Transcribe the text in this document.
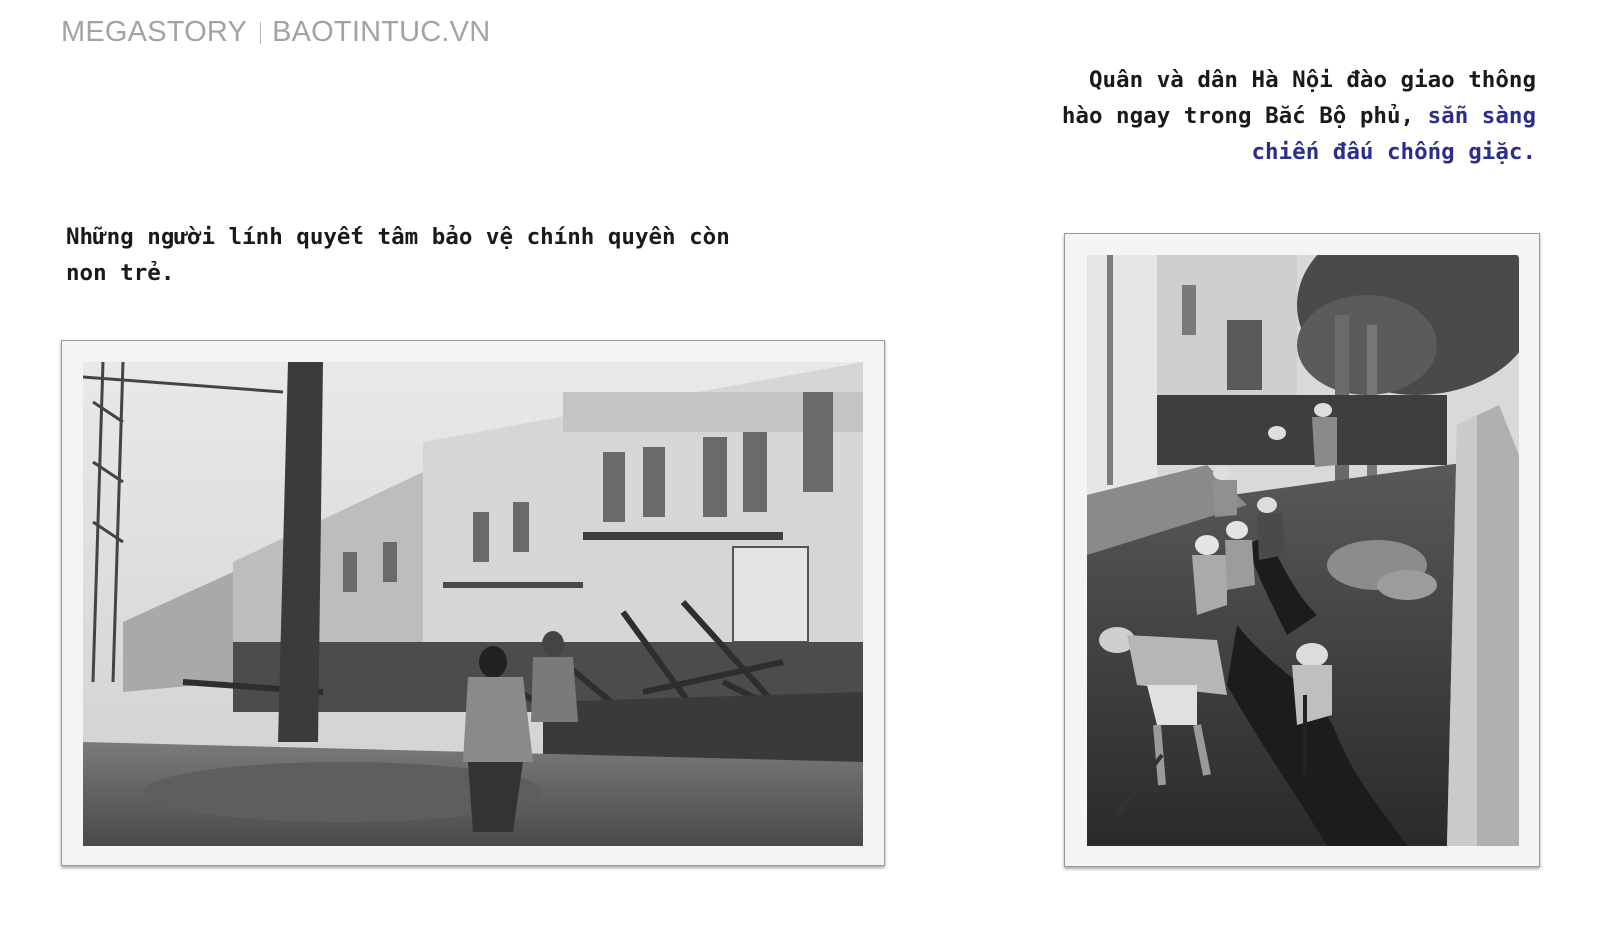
MEGASTORY BAOTINTUC.VN
Quân và dân Hà Nội đào giao thông hào ngay trong Bắc Bộ phủ, sẵn sàng chiến đấu chống giặc.
Những người lính quyết tâm bảo vệ chính quyền còn non trẻ.
